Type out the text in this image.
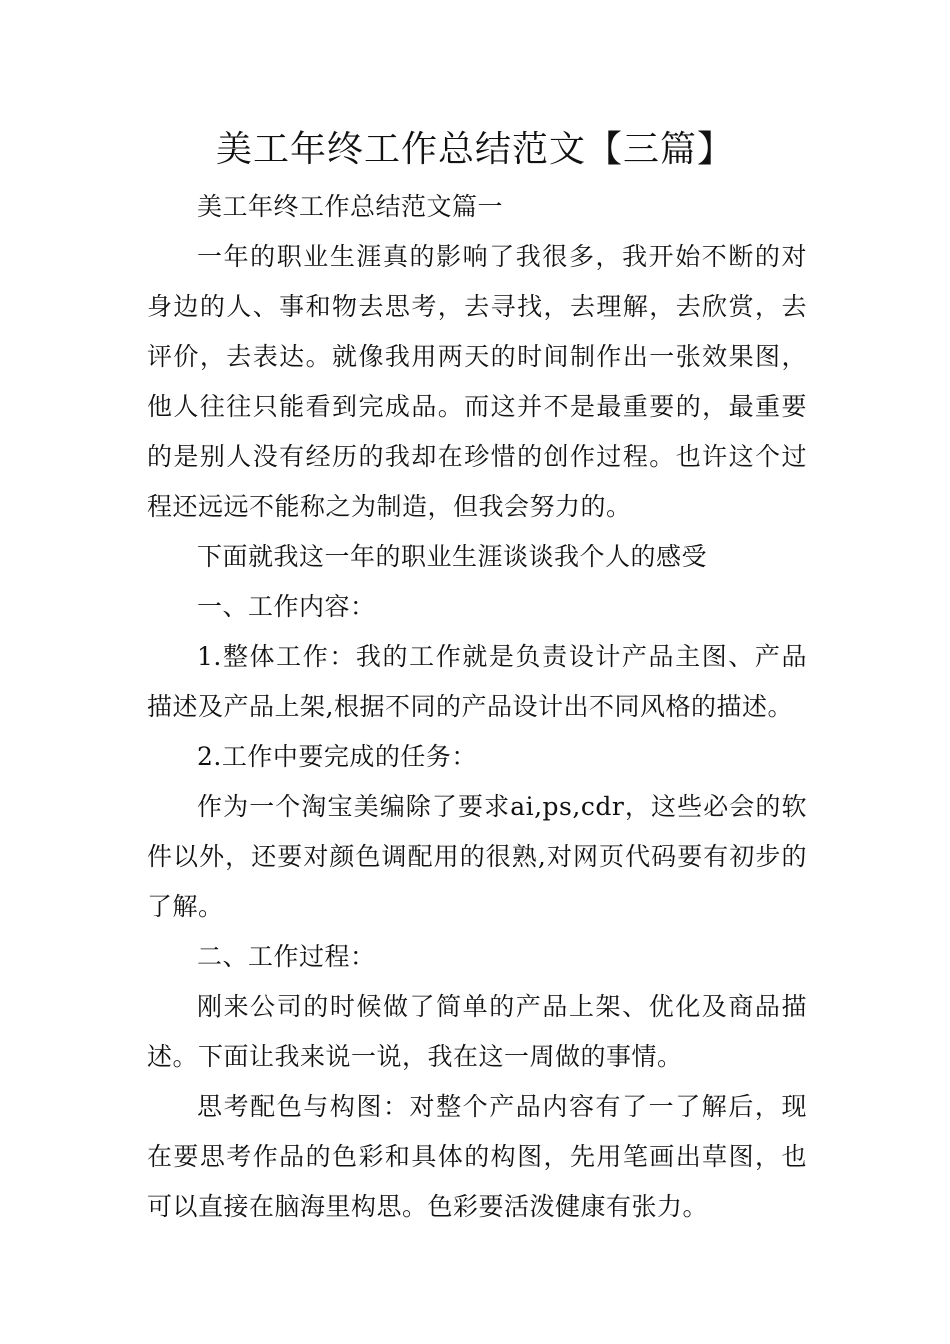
美工年终工作总结范文【三篇】

美工年终工作总结范文篇一

一年的职业生涯真的影响了我很多，我开始不断的对身边的人、事和物去思考，去寻找，去理解，去欣赏，去评价，去表达。就像我用两天的时间制作出一张效果图，他人往往只能看到完成品。而这并不是最重要的，最重要的是别人没有经历的我却在珍惜的创作过程。也许这个过程还远远不能称之为制造，但我会努力的。

下面就我这一年的职业生涯谈谈我个人的感受

一、工作内容：

1.整体工作：我的工作就是负责设计产品主图、产品描述及产品上架,根据不同的产品设计出不同风格的描述。

2.工作中要完成的任务：

作为一个淘宝美编除了要求ai,ps,cdr，这些必会的软件以外，还要对颜色调配用的很熟,对网页代码要有初步的了解。

二、工作过程：

刚来公司的时候做了简单的产品上架、优化及商品描述。下面让我来说一说，我在这一周做的事情。

思考配色与构图：对整个产品内容有了一了解后，现在要思考作品的色彩和具体的构图，先用笔画出草图，也可以直接在脑海里构思。色彩要活泼健康有张力。
